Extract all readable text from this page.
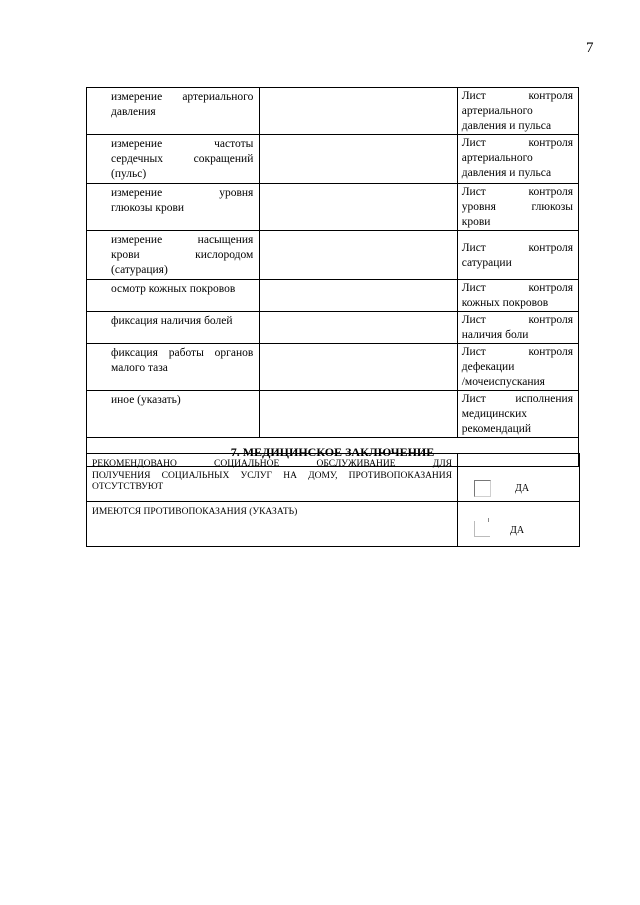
7
измерение артериального
давления		Лист контроля
артериального
давления и пульса

измерение частоты
сердечных сокращений
(пульс)		Лист контроля
артериального
давления и пульса

измерение уровня
глюкозы крови		Лист контроля
уровня глюкозы
крови

измерение насыщения
крови кислородом
(сатурация)		Лист контроля
сатурации

осмотр кожных покровов		Лист контроля
кожных покровов

фиксация наличия болей		Лист контроля
наличия боли

фиксация работы органов
малого таза		Лист контроля
дефекации
/мочеиспускания

иное (указать)		Лист исполнения
медицинских
рекомендаций

7. МЕДИЦИНСКОЕ ЗАКЛЮЧЕНИЕ		
РЕКОМЕНДОВАНО СОЦИАЛЬНОЕ ОБСЛУЖИВАНИЕ ДЛЯ
ПОЛУЧЕНИЯ СОЦИАЛЬНЫХ УСЛУГ НА ДОМУ, ПРОТИВОПОКАЗАНИЯ
ОТСУТСТВУЮТ	ДА

ИМЕЮТСЯ ПРОТИВОПОКАЗАНИЯ (УКАЗАТЬ)	ДА
